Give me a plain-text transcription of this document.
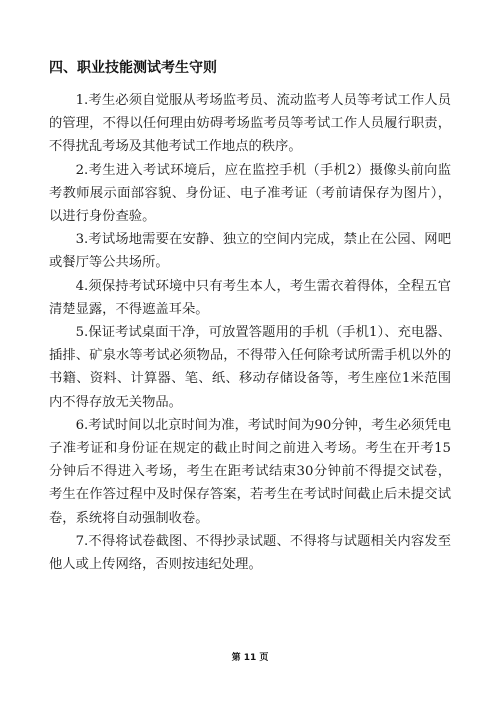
四、职业技能测试考生守则

1.考生必须自觉服从考场监考员、流动监考人员等考试工作人员的管理，不得以任何理由妨碍考场监考员等考试工作人员履行职责，不得扰乱考场及其他考试工作地点的秩序。

2.考生进入考试环境后，应在监控手机（手机2）摄像头前向监考教师展示面部容貌、身份证、电子准考证（考前请保存为图片），以进行身份查验。

3.考试场地需要在安静、独立的空间内完成，禁止在公园、网吧或餐厅等公共场所。

4.须保持考试环境中只有考生本人，考生需衣着得体，全程五官清楚显露，不得遮盖耳朵。

5.保证考试桌面干净，可放置答题用的手机（手机1）、充电器、插排、矿泉水等考试必须物品，不得带入任何除考试所需手机以外的书籍、资料、计算器、笔、纸、移动存储设备等，考生座位1米范围内不得存放无关物品。

6.考试时间以北京时间为准，考试时间为90分钟，考生必须凭电子准考证和身份证在规定的截止时间之前进入考场。考生在开考15分钟后不得进入考场，考生在距考试结束30分钟前不得提交试卷，考生在作答过程中及时保存答案，若考生在考试时间截止后未提交试卷，系统将自动强制收卷。

7.不得将试卷截图、不得抄录试题、不得将与试题相关内容发至他人或上传网络，否则按违纪处理。

第 11 页
